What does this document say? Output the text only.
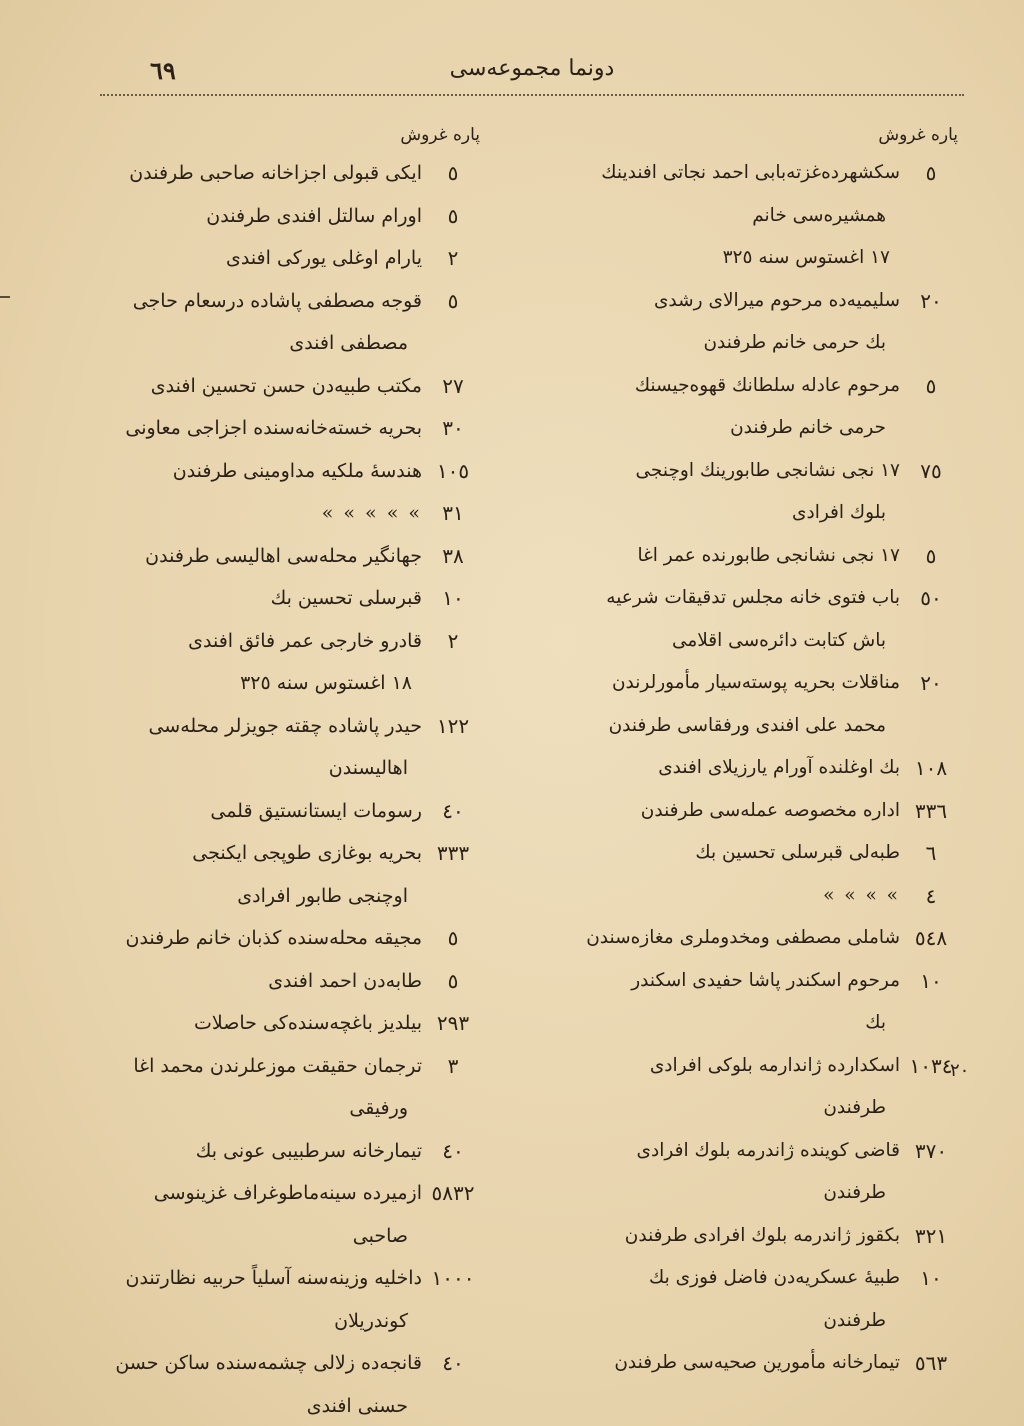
٦٩	دونما مجموعه‌سی
پاره غروش
٥
سکشهرده‌غزته‌بابی احمد نجاتی افندینك
همشیره‌سی خانم
١٧ اغستوس سنه ٣٢٥
٢٠
سلیمیه‌ده مرحوم میرالای رشدی
بك حرمی خانم طرفندن
٥
مرحوم عادله سلطانك قهوه‌جیسنك
حرمی خانم طرفندن
٧٥
١٧ نجی نشانجی طابورینك اوچنجی
بلوك افرادی
٥
١٧ نجی نشانجی طابورنده عمر اغا
٥٠
باب فتوی خانه مجلس تدقیقات شرعیه
باش کتابت دائره‌سی اقلامی
٢٠
مناقلات بحریه پوسته‌سیار مأمورلرندن
محمد علی افندی ورفقاسی طرفندن
١٠٨
بك اوغلنده آورام یارزیلای افندی
٣٣٦
اداره مخصوصه عمله‌سی طرفندن
٦
طبه‌لی قبرسلی تحسین بك
٤
» » » »
٥٤٨
شاملی مصطفی ومخدوملری مغازه‌سندن
١٠
مرحوم اسکندر پاشا حفیدی اسکندر
بك
١٠٣٤
اسکدارده ژاندارمه بلوکی افرادی
طرفندن
٣٧٠
قاضی کوینده ژاندرمه بلوك افرادی
طرفندن
٣٢١
بکقوز ژاندرمه بلوك افرادی طرفندن
١٠
طبیهٔ عسکریه‌دن فاضل فوزی بك
طرفندن
٥٦٣
تیمارخانه مأمورین صحیه‌سی طرفندن
پاره غروش
٥
ایکی قبولی اجزاخانه صاحبی طرفندن
٥
اورام سالتل افندی طرفندن
٢
یارام اوغلی یورکی افندی
٥
قوجه مصطفی پاشاده درسعام حاجی
مصطفی افندی
٢٧
مکتب طبیه‌دن حسن تحسین افندی
٣٠
بحریه خسته‌خانه‌سنده اجزاجی معاونی
١٠٥
هندسهٔ ملکیه مداومینی طرفندن
٣١
» » » » »
٣٨
جهانگیر محله‌سی اهالیسی طرفندن
١٠
قبرسلی تحسین بك
٢
قادرو خارجی عمر فائق افندی
١٨ اغستوس سنه ٣٢٥
١٢٢
حیدر پاشاده چقته جویزلر محله‌سی
اهالیسندن
٤٠
رسومات ایستانستیق قلمی
٣٣٣
بحریه بوغازی طوپجی ایکنجی
اوچنجی طابور افرادی
٥
مجیقه محله‌سنده کذبان خانم طرفندن
٥
طابه‌دن احمد افندی
٢٩٣
بیلدیز باغچه‌سنده‌کی حاصلات
٣
ترجمان حقیقت موزعلرندن محمد اغا
ورفیقی
٤٠
تیمارخانه سرطبیبی عونی بك
٥٨٣٢
ازمیرده سینه‌ماطوغراف غزینوسی
صاحبی
١٠٠٠
داخلیه وزینه‌سنه آسلیاً حربیه نظارتندن
کوندریلان
٤٠
قانجه‌ده زلالی چشمه‌سنده ساکن حسن
حسنی افندی
٢٠
